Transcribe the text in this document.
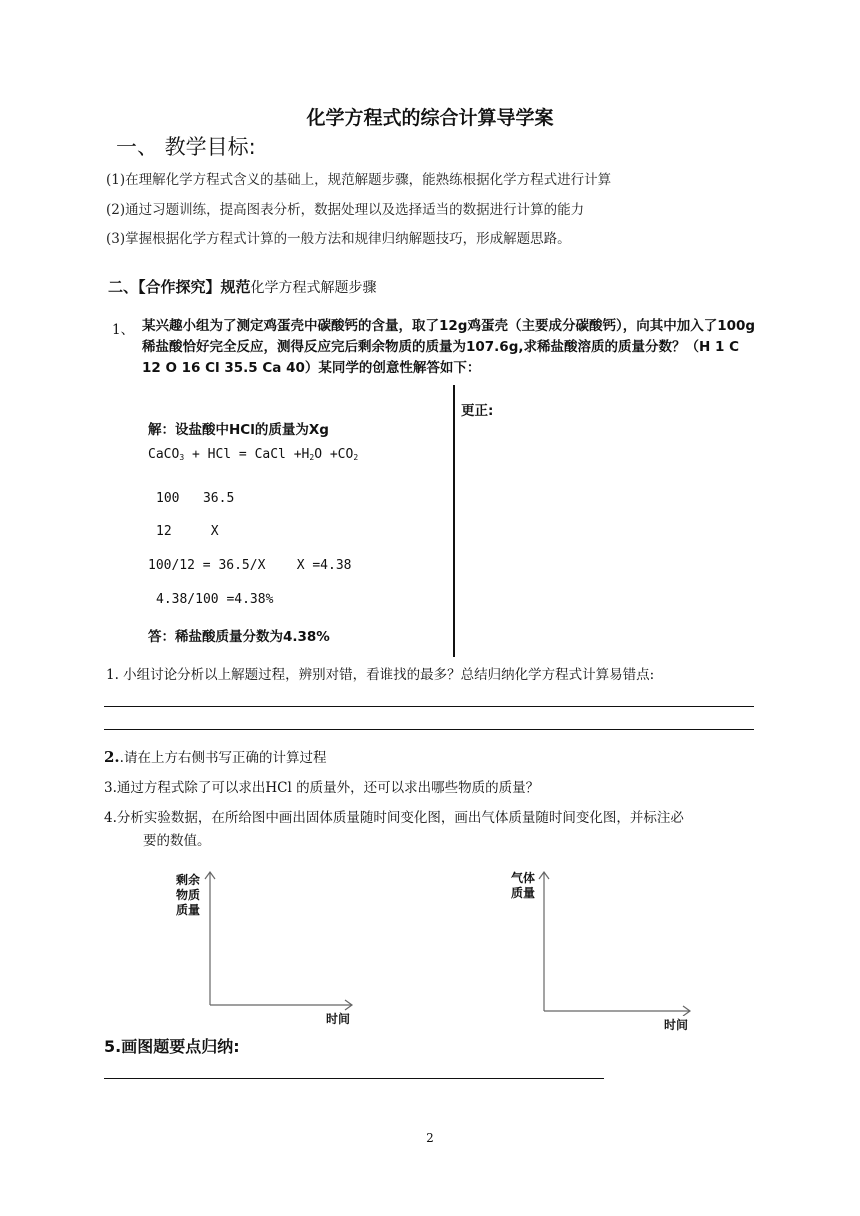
化学方程式的综合计算导学案
一、 教学目标:
(1)在理解化学方程式含义的基础上，规范解题步骤，能熟练根据化学方程式进行计算
(2)通过习题训练，提高图表分析，数据处理以及选择适当的数据进行计算的能力
(3)掌握根据化学方程式计算的一般方法和规律归纳解题技巧，形成解题思路。
二、【合作探究】规范化学方程式解题步骤
1、 某兴趣小组为了测定鸡蛋壳中碳酸钙的含量，取了12g鸡蛋壳（主要成分碳酸钙），向其中加入了100g稀盐酸恰好完全反应，测得反应完后剩余物质的质量为107.6g,求稀盐酸溶质的质量分数？（H 1 C 12 O 16 Cl 35.5 Ca 40）某同学的创意性解答如下：
解：设盐酸中HCl的质量为Xg
CaCO$_3$ + HCl = CaCl $+H_2O +CO_2$
100   36.5
12     X
100/12 = 36.5/X    X =4.38
4.38/100 =4.38%
答：稀盐酸质量分数为4.38%
更正:
1. 小组讨论分析以上解题过程，辨别对错，看谁找的最多？总结归纳化学方程式计算易错点:
2..请在上方右侧书写正确的计算过程
3.通过方程式除了可以求出HCl 的质量外，还可以求出哪些物质的质量？
4.分析实验数据，在所给图中画出固体质量随时间变化图，画出气体质量随时间变化图，并标注必
要的数值。
剩余
物质
质量
时间
气体
质量
时间
5.画图题要点归纳:
2
